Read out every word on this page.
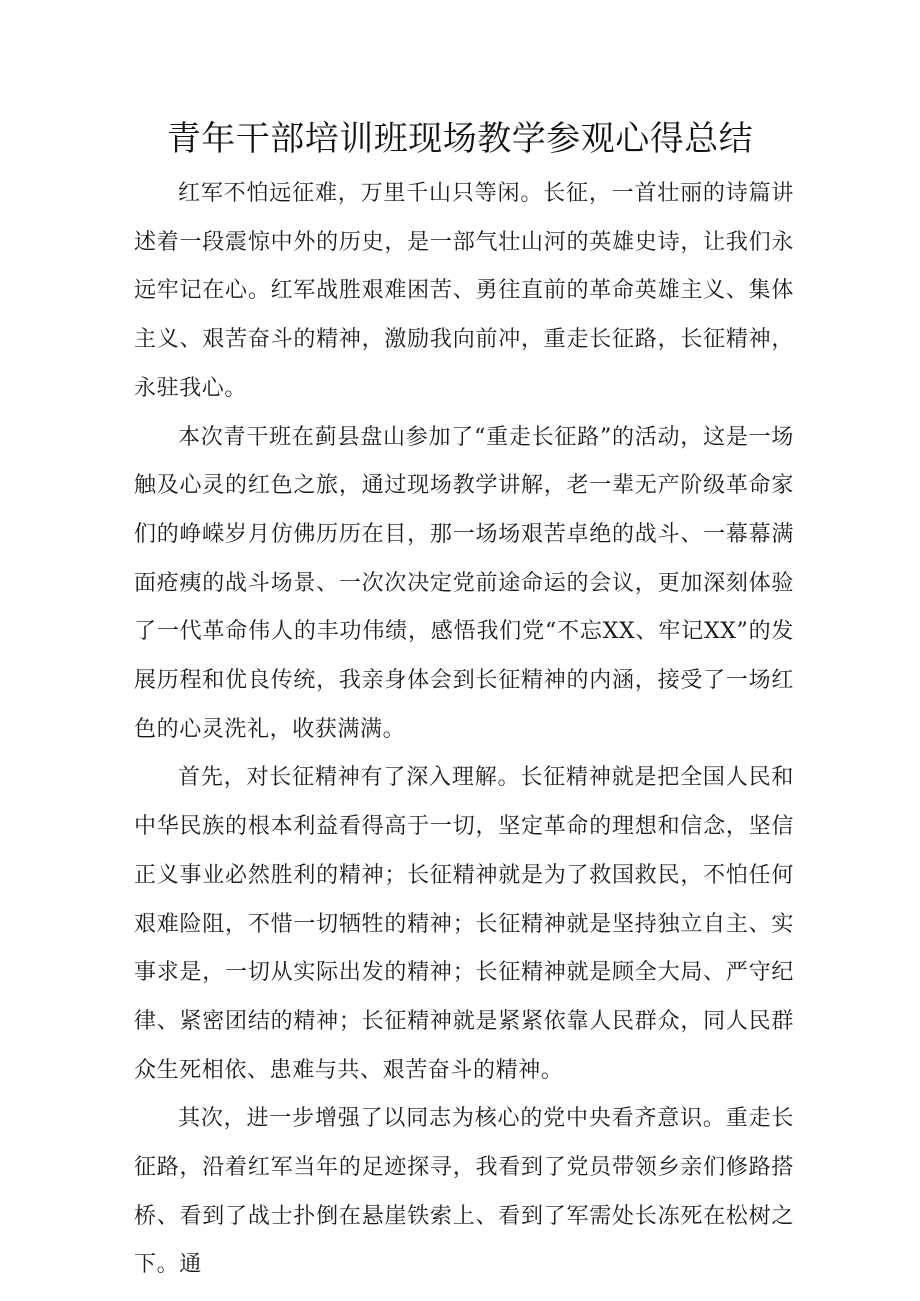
青年干部培训班现场教学参观心得总结

红军不怕远征难，万里千山只等闲。长征，一首壮丽的诗篇讲述着一段震惊中外的历史，是一部气壮山河的英雄史诗，让我们永远牢记在心。红军战胜艰难困苦、勇往直前的革命英雄主义、集体主义、艰苦奋斗的精神，激励我向前冲，重走长征路，长征精神，永驻我心。

本次青干班在蓟县盘山参加了“重走长征路”的活动，这是一场触及心灵的红色之旅，通过现场教学讲解，老一辈无产阶级革命家们的峥嵘岁月仿佛历历在目，那一场场艰苦卓绝的战斗、一幕幕满面疮痍的战斗场景、一次次决定党前途命运的会议，更加深刻体验了一代革命伟人的丰功伟绩，感悟我们党“不忘XX、牢记XX”的发展历程和优良传统，我亲身体会到长征精神的内涵，接受了一场红色的心灵洗礼，收获满满。

首先，对长征精神有了深入理解。长征精神就是把全国人民和中华民族的根本利益看得高于一切，坚定革命的理想和信念，坚信正义事业必然胜利的精神；长征精神就是为了救国救民，不怕任何艰难险阻，不惜一切牺牲的精神；长征精神就是坚持独立自主、实事求是，一切从实际出发的精神；长征精神就是顾全大局、严守纪律、紧密团结的精神；长征精神就是紧紧依靠人民群众，同人民群众生死相依、患难与共、艰苦奋斗的精神。

其次，进一步增强了以同志为核心的党中央看齐意识。重走长征路，沿着红军当年的足迹探寻，我看到了党员带领乡亲们修路搭桥、看到了战士扑倒在悬崖铁索上、看到了军需处长冻死在松树之下。通
